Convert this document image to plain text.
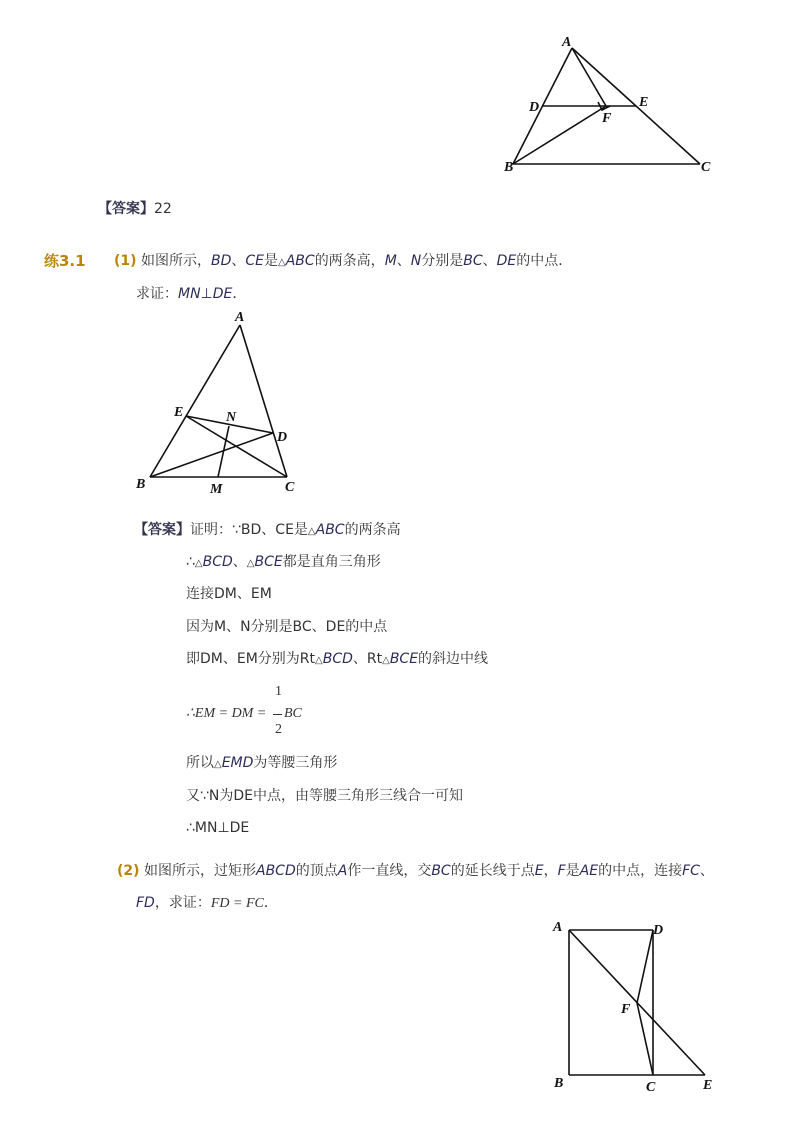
A
D	E
F
B	C
【答案】22
练3.1 (1) 如图所示，BD、CE是△ABC的两条高，M、N分别是BC、DE的中点．
求证：MN⊥DE．
A
E	N
D
B	M	C
【答案】证明：∵BD、CE是△ABC的两条高
∴△BCD、△BCE都是直角三角形
连接DM、EM
因为M、N分别是BC、DE的中点
即DM、EM分别为Rt△BCD、Rt△BCE的斜边中线
∴EM = DM =
1
2
BC
所以△EMD为等腰三角形
又∵N为DE中点，由等腰三角形三线合一可知
∴MN⊥DE
(2) 如图所示，过矩形ABCD的顶点A作一直线，交BC的延长线于点E，F是AE的中点，连接FC、
FD，求证：FD = FC．
A	D
F
B	C	E
